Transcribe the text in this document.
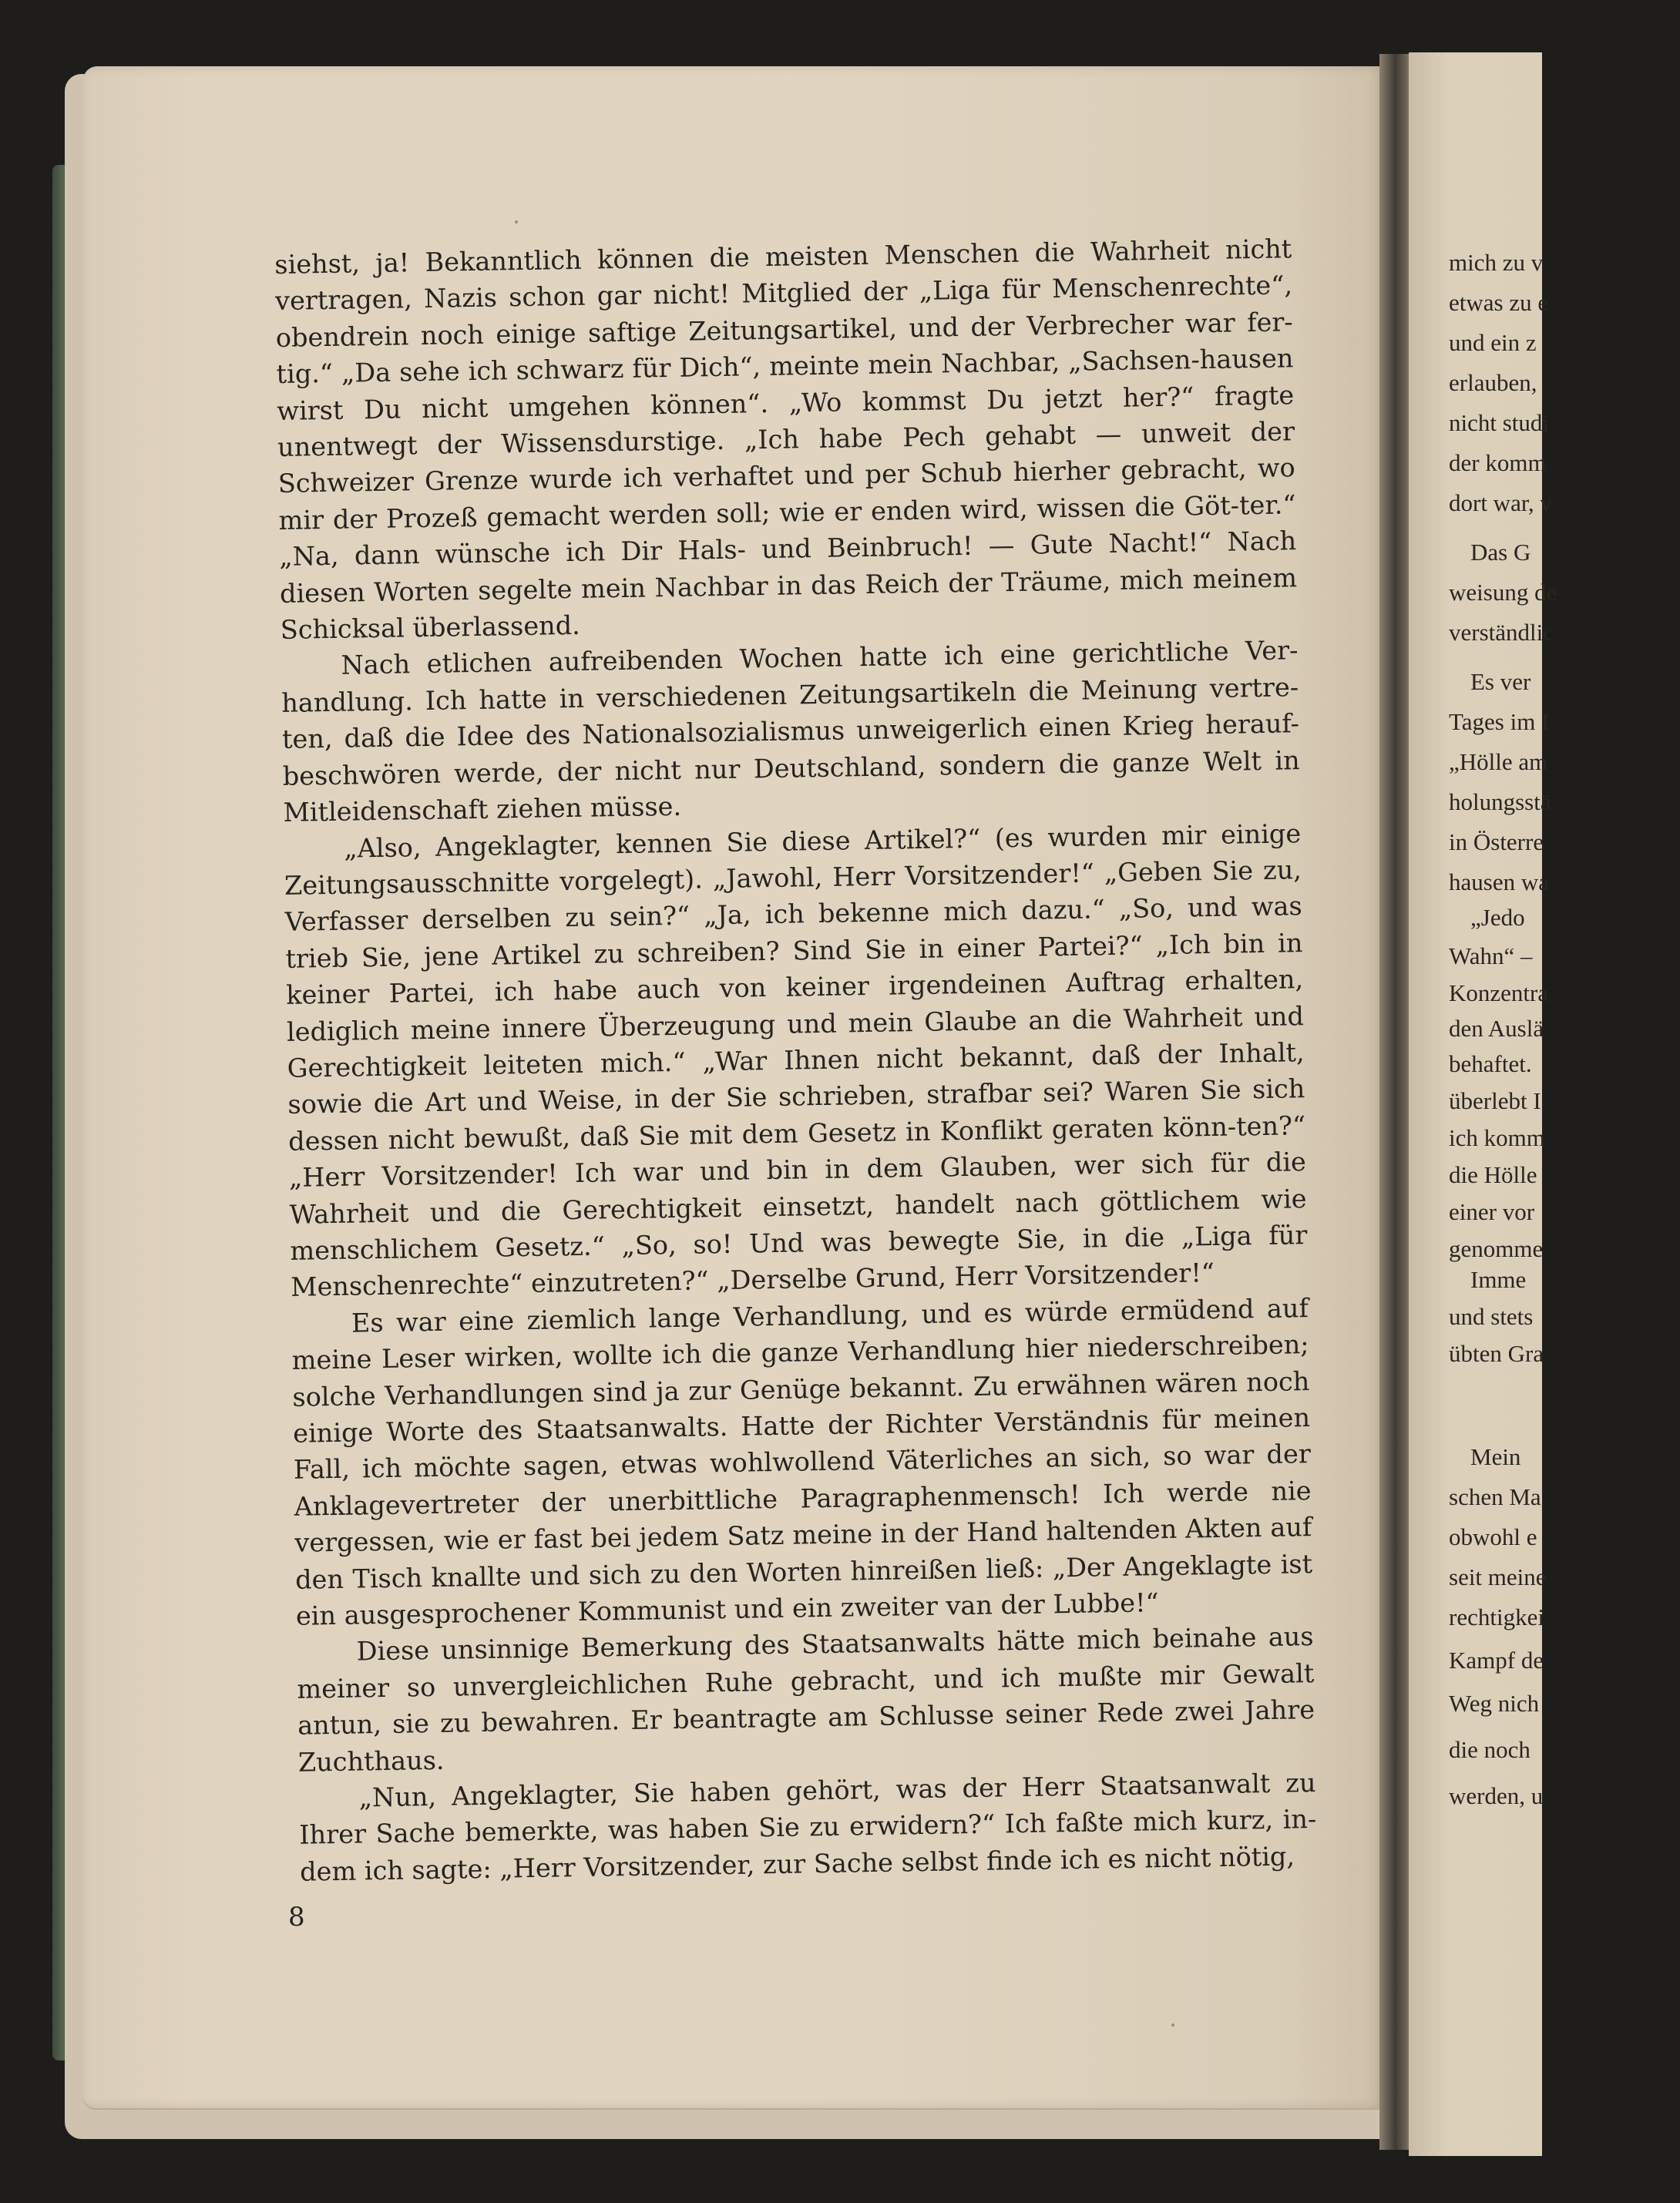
siehst, ja! Bekanntlich können die meisten Menschen die Wahrheit nicht vertragen, Nazis schon gar nicht! Mitglied der „Liga für Menschenrechte“, obendrein noch einige saftige Zeitungsartikel, und der Verbrecher war fer-tig.“ „Da sehe ich schwarz für Dich“, meinte mein Nachbar, „Sachsen-hausen wirst Du nicht umgehen können“. „Wo kommst Du jetzt her?“ fragte unentwegt der Wissensdurstige. „Ich habe Pech gehabt — unweit der Schweizer Grenze wurde ich verhaftet und per Schub hierher gebracht, wo mir der Prozeß gemacht werden soll; wie er enden wird, wissen die Göt-ter.“ „Na, dann wünsche ich Dir Hals- und Beinbruch! — Gute Nacht!“ Nach diesen Worten segelte mein Nachbar in das Reich der Träume, mich meinem Schicksal überlassend.

Nach etlichen aufreibenden Wochen hatte ich eine gerichtliche Ver-handlung. Ich hatte in verschiedenen Zeitungsartikeln die Meinung vertre-ten, daß die Idee des Nationalsozialismus unweigerlich einen Krieg herauf-beschwören werde, der nicht nur Deutschland, sondern die ganze Welt in Mitleidenschaft ziehen müsse.

„Also, Angeklagter, kennen Sie diese Artikel?“ (es wurden mir einige Zeitungsausschnitte vorgelegt). „Jawohl, Herr Vorsitzender!“ „Geben Sie zu, Verfasser derselben zu sein?“ „Ja, ich bekenne mich dazu.“ „So, und was trieb Sie, jene Artikel zu schreiben? Sind Sie in einer Partei?“ „Ich bin in keiner Partei, ich habe auch von keiner irgendeinen Auftrag erhalten, lediglich meine innere Überzeugung und mein Glaube an die Wahrheit und Gerechtigkeit leiteten mich.“ „War Ihnen nicht bekannt, daß der Inhalt, sowie die Art und Weise, in der Sie schrieben, strafbar sei? Waren Sie sich dessen nicht bewußt, daß Sie mit dem Gesetz in Konflikt geraten könn-ten?“ „Herr Vorsitzender! Ich war und bin in dem Glauben, wer sich für die Wahrheit und die Gerechtigkeit einsetzt, handelt nach göttlichem wie menschlichem Gesetz.“ „So, so! Und was bewegte Sie, in die „Liga für Menschenrechte“ einzutreten?“ „Derselbe Grund, Herr Vorsitzender!“

Es war eine ziemlich lange Verhandlung, und es würde ermüdend auf meine Leser wirken, wollte ich die ganze Verhandlung hier niederschreiben; solche Verhandlungen sind ja zur Genüge bekannt. Zu erwähnen wären noch einige Worte des Staatsanwalts. Hatte der Richter Verständnis für meinen Fall, ich möchte sagen, etwas wohlwollend Väterliches an sich, so war der Anklagevertreter der unerbittliche Paragraphenmensch! Ich werde nie vergessen, wie er fast bei jedem Satz meine in der Hand haltenden Akten auf den Tisch knallte und sich zu den Worten hinreißen ließ: „Der Angeklagte ist ein ausgesprochener Kommunist und ein zweiter van der Lubbe!“

Diese unsinnige Bemerkung des Staatsanwalts hätte mich beinahe aus meiner so unvergleichlichen Ruhe gebracht, und ich mußte mir Gewalt antun, sie zu bewahren. Er beantragte am Schlusse seiner Rede zwei Jahre Zuchthaus.

„Nun, Angeklagter, Sie haben gehört, was der Herr Staatsanwalt zu Ihrer Sache bemerkte, was haben Sie zu erwidern?“ Ich faßte mich kurz, in-dem ich sagte: „Herr Vorsitzender, zur Sache selbst finde ich es nicht nötig,

8
mich zu v
etwas zu e
und ein z
erlauben,
nicht studi
der komm
dort war, v
Das G
weisung de
verständlic
Es ver
Tages im I
„Hölle am
holungsstä
in Österre
hausen wa
„Jedo
Wahn“ –
Konzentra
den Auslä
behaftet.
überlebt I
ich komm
die Hölle
einer vor
genomme
Imme
und stets
übten Gra
Mein
schen Ma
obwohl e
seit meine
rechtigkei
Kampf de
Weg nich
die noch
werden, u
